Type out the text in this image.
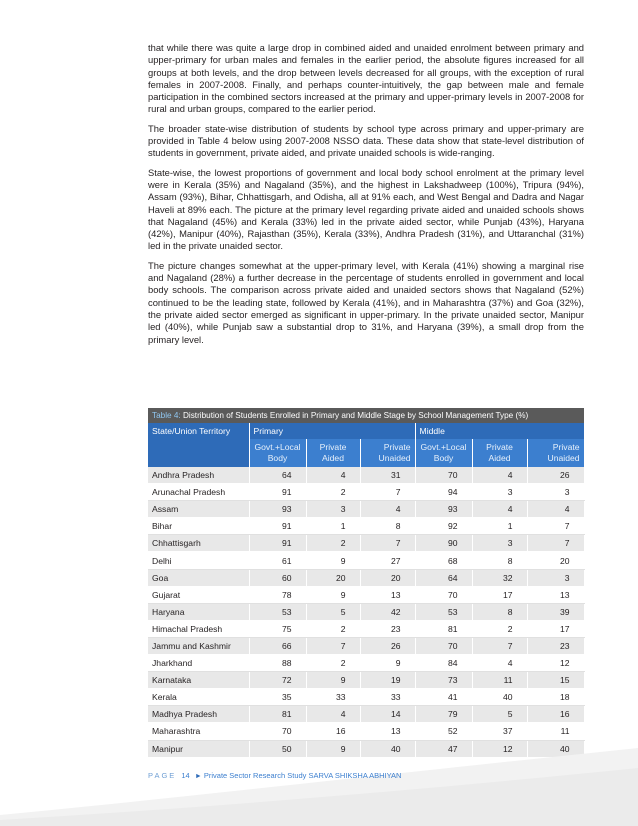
that while there was quite a large drop in combined aided and unaided enrolment between primary and upper-primary for urban males and females in the earlier period, the absolute figures increased for all groups at both levels, and the drop between levels decreased for all groups, with the exception of rural females in 2007-2008. Finally, and perhaps counter-intuitively, the gap between male and female participation in the combined sectors increased at the primary and upper-primary levels in 2007-2008 for rural and urban groups, compared to the earlier period.

The broader state-wise distribution of students by school type across primary and upper-primary are provided in Table 4 below using 2007-2008 NSSO data. These data show that state-level distribution of students in government, private aided, and private unaided schools is wide-ranging.

State-wise, the lowest proportions of government and local body school enrolment at the primary level were in Kerala (35%) and Nagaland (35%), and the highest in Lakshadweep (100%), Tripura (94%), Assam (93%), Bihar, Chhattisgarh, and Odisha, all at 91% each, and West Bengal and Dadra and Nagar Haveli at 89% each. The picture at the primary level regarding private aided and unaided schools shows that Nagaland (45%) and Kerala (33%) led in the private aided sector, while Punjab (43%), Haryana (42%), Manipur (40%), Rajasthan (35%), Kerala (33%), Andhra Pradesh (31%), and Uttaranchal (31%) led in the private unaided sector.

The picture changes somewhat at the upper-primary level, with Kerala (41%) showing a marginal rise and Nagaland (28%) a further decrease in the percentage of students enrolled in government and local body schools. The comparison across private aided and unaided sectors shows that Nagaland (52%) continued to be the leading state, followed by Kerala (41%), and in Maharashtra (37%) and Goa (32%), the private aided sector emerged as significant in upper-primary. In the private unaided sector, Manipur led (40%), while Punjab saw a substantial drop to 31%, and Haryana (39%), a small drop from the primary level.

Table 4: Distribution of Students Enrolled in Primary and Middle Stage by School Management Type (%)
State/Union Territory	Primary			Middle		
	Govt.+Local
Body	Private
Aided	Private
Unaided	Govt.+Local
Body	Private
Aided	Private
Unaided
Andhra Pradesh	64	4	31	70	4	26
Arunachal Pradesh	91	2	7	94	3	3
Assam	93	3	4	93	4	4
Bihar	91	1	8	92	1	7
Chhattisgarh	91	2	7	90	3	7
Delhi	61	9	27	68	8	20
Goa	60	20	20	64	32	3
Gujarat	78	9	13	70	17	13
Haryana	53	5	42	53	8	39
Himachal Pradesh	75	2	23	81	2	17
Jammu and Kashmir	66	7	26	70	7	23
Jharkhand	88	2	9	84	4	12
Karnataka	72	9	19	73	11	15
Kerala	35	33	33	41	40	18
Madhya Pradesh	81	4	14	79	5	16
Maharashtra	70	16	13	52	37	11
Manipur	50	9	40	47	12	40
PAGE 14 ► Private Sector Research Study SARVA SHIKSHA ABHIYAN
